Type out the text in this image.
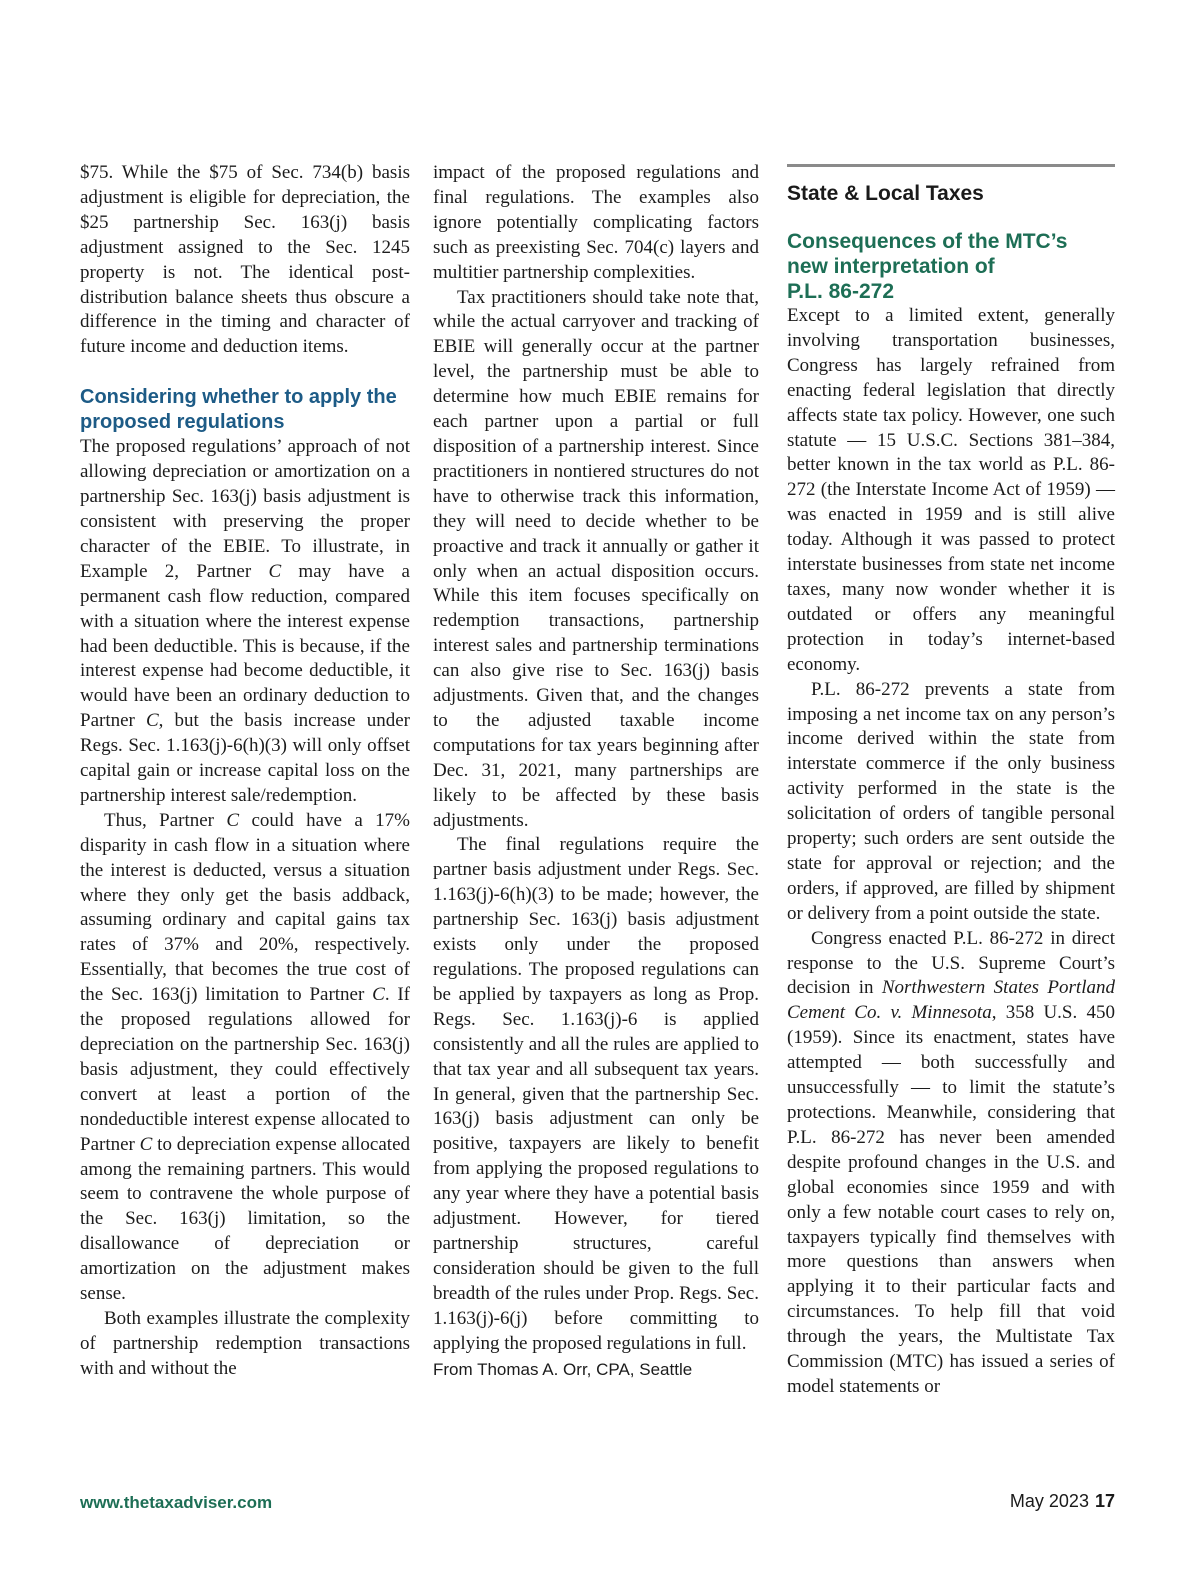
$75. While the $75 of Sec. 734(b) basis adjustment is eligible for depreciation, the $25 partnership Sec. 163(j) basis adjustment assigned to the Sec. 1245 property is not. The identical post-distribution balance sheets thus obscure a difference in the timing and character of future income and deduction items.

Considering whether to apply the proposed regulations

The proposed regulations’ approach of not allowing depreciation or amortization on a partnership Sec. 163(j) basis adjustment is consistent with preserving the proper character of the EBIE. To illustrate, in Example 2, Partner C may have a permanent cash flow reduction, compared with a situation where the interest expense had been deductible. This is because, if the interest expense had become deductible, it would have been an ordinary deduction to Partner C, but the basis increase under Regs. Sec. 1.163(j)-6(h)(3) will only offset capital gain or increase capital loss on the partnership interest sale/redemption.

Thus, Partner C could have a 17% disparity in cash flow in a situation where the interest is deducted, versus a situation where they only get the basis addback, assuming ordinary and capital gains tax rates of 37% and 20%, respectively. Essentially, that becomes the true cost of the Sec. 163(j) limitation to Partner C. If the proposed regulations allowed for depreciation on the partnership Sec. 163(j) basis adjustment, they could effectively convert at least a portion of the nondeductible interest expense allocated to Partner C to depreciation expense allocated among the remaining partners. This would seem to contravene the whole purpose of the Sec. 163(j) limitation, so the disallowance of depreciation or amortization on the adjustment makes sense.

Both examples illustrate the complexity of partnership redemption transactions with and without the

impact of the proposed regulations and final regulations. The examples also ignore potentially complicating factors such as preexisting Sec. 704(c) layers and multitier partnership complexities.

Tax practitioners should take note that, while the actual carryover and tracking of EBIE will generally occur at the partner level, the partnership must be able to determine how much EBIE remains for each partner upon a partial or full disposition of a partnership interest. Since practitioners in nontiered structures do not have to otherwise track this information, they will need to decide whether to be proactive and track it annually or gather it only when an actual disposition occurs. While this item focuses specifically on redemption transactions, partnership interest sales and partnership terminations can also give rise to Sec. 163(j) basis adjustments. Given that, and the changes to the adjusted taxable income computations for tax years beginning after Dec. 31, 2021, many partnerships are likely to be affected by these basis adjustments.

The final regulations require the partner basis adjustment under Regs. Sec. 1.163(j)-6(h)(3) to be made; however, the partnership Sec. 163(j) basis adjustment exists only under the proposed regulations. The proposed regulations can be applied by taxpayers as long as Prop. Regs. Sec. 1.163(j)-6 is applied consistently and all the rules are applied to that tax year and all subsequent tax years. In general, given that the partnership Sec. 163(j) basis adjustment can only be positive, taxpayers are likely to benefit from applying the proposed regulations to any year where they have a potential basis adjustment. However, for tiered partnership structures, careful consideration should be given to the full breadth of the rules under Prop. Regs. Sec. 1.163(j)-6(j) before committing to applying the proposed regulations in full.

From Thomas A. Orr, CPA, Seattle

State & Local Taxes
Consequences of the MTC’s
new interpretation of
P.L. 86-272

Except to a limited extent, generally involving transportation businesses, Congress has largely refrained from enacting federal legislation that directly affects state tax policy. However, one such statute — 15 U.S.C. Sections 381–384, better known in the tax world as P.L. 86-272 (the Interstate Income Act of 1959) — was enacted in 1959 and is still alive today. Although it was passed to protect interstate businesses from state net income taxes, many now wonder whether it is outdated or offers any meaningful protection in today’s internet-based economy.

P.L. 86-272 prevents a state from imposing a net income tax on any person’s income derived within the state from interstate commerce if the only business activity performed in the state is the solicitation of orders of tangible personal property; such orders are sent outside the state for approval or rejection; and the orders, if approved, are filled by shipment or delivery from a point outside the state.

Congress enacted P.L. 86-272 in direct response to the U.S. Supreme Court’s decision in Northwestern States Portland Cement Co. v. Minnesota, 358 U.S. 450 (1959). Since its enactment, states have attempted — both successfully and unsuccessfully — to limit the statute’s protections. Meanwhile, considering that P.L. 86-272 has never been amended despite profound changes in the U.S. and global economies since 1959 and with only a few notable court cases to rely on, taxpayers typically find themselves with more questions than answers when applying it to their particular facts and circumstances. To help fill that void through the years, the Multistate Tax Commission (MTC) has issued a series of model statements or

www.thetaxadviser.com	May 2023 17
